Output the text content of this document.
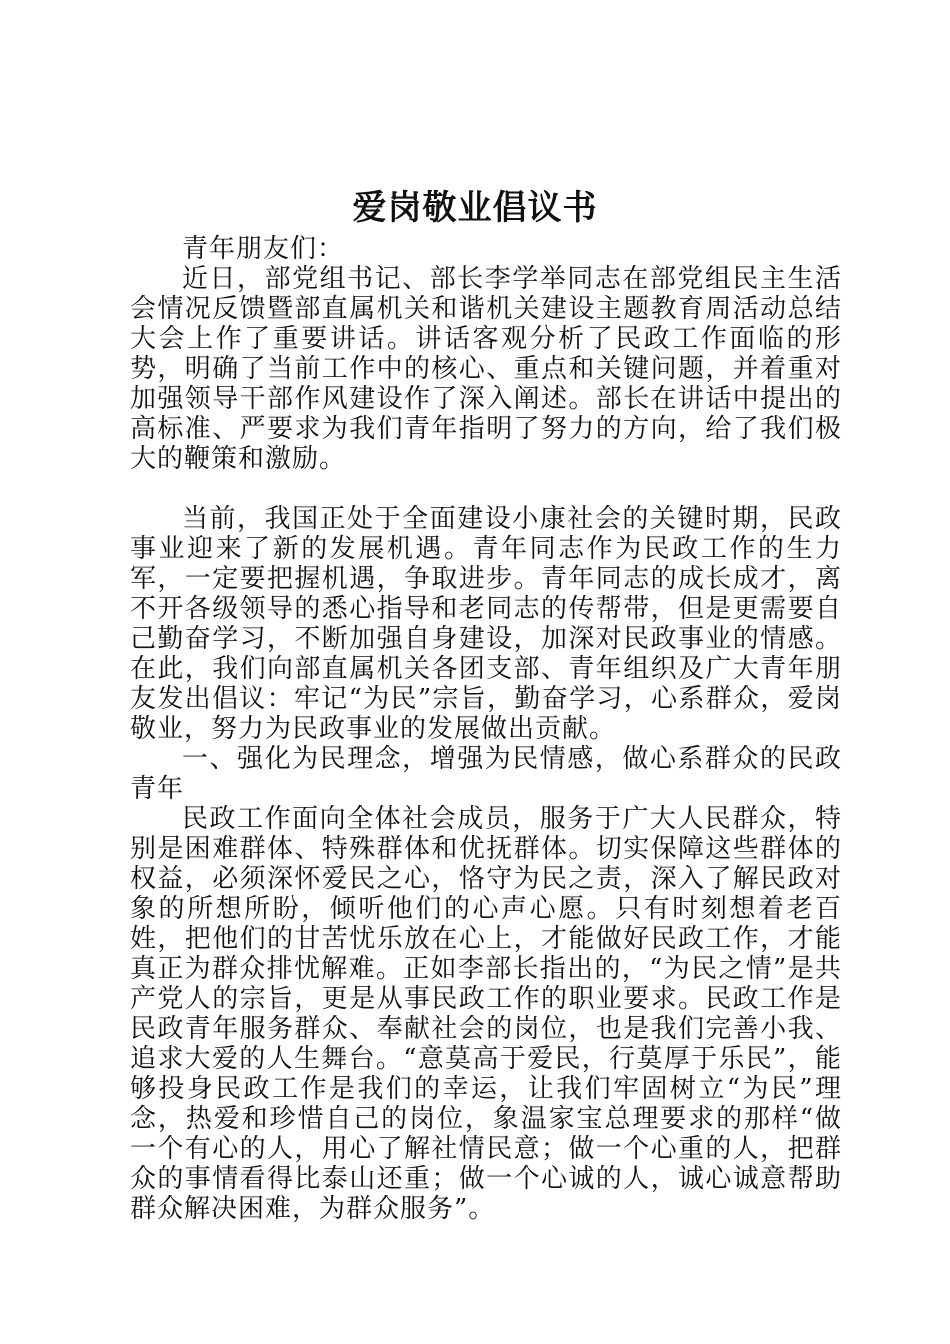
爱岗敬业倡议书

青年朋友们：

近日，部党组书记、部长李学举同志在部党组民主生活会情况反馈暨部直属机关和谐机关建设主题教育周活动总结大会上作了重要讲话。讲话客观分析了民政工作面临的形势，明确了当前工作中的核心、重点和关键问题，并着重对加强领导干部作风建设作了深入阐述。部长在讲话中提出的高标准、严要求为我们青年指明了努力的方向，给了我们极大的鞭策和激励。

当前，我国正处于全面建设小康社会的关键时期，民政事业迎来了新的发展机遇。青年同志作为民政工作的生力军，一定要把握机遇，争取进步。青年同志的成长成才，离不开各级领导的悉心指导和老同志的传帮带，但是更需要自己勤奋学习，不断加强自身建设，加深对民政事业的情感。在此，我们向部直属机关各团支部、青年组织及广大青年朋友发出倡议：牢记“为民”宗旨，勤奋学习，心系群众，爱岗敬业，努力为民政事业的发展做出贡献。

一、强化为民理念，增强为民情感，做心系群众的民政青年

民政工作面向全体社会成员，服务于广大人民群众，特别是困难群体、特殊群体和优抚群体。切实保障这些群体的权益，必须深怀爱民之心，恪守为民之责，深入了解民政对象的所想所盼，倾听他们的心声心愿。只有时刻想着老百姓，把他们的甘苦忧乐放在心上，才能做好民政工作，才能真正为群众排忧解难。正如李部长指出的，“为民之情”是共产党人的宗旨，更是从事民政工作的职业要求。民政工作是民政青年服务群众、奉献社会的岗位，也是我们完善小我、追求大爱的人生舞台。“意莫高于爱民，行莫厚于乐民”，能够投身民政工作是我们的幸运，让我们牢固树立“为民”理念，热爱和珍惜自己的岗位，象温家宝总理要求的那样“做一个有心的人，用心了解社情民意；做一个心重的人，把群众的事情看得比泰山还重；做一个心诚的人，诚心诚意帮助群众解决困难，为群众服务”。
